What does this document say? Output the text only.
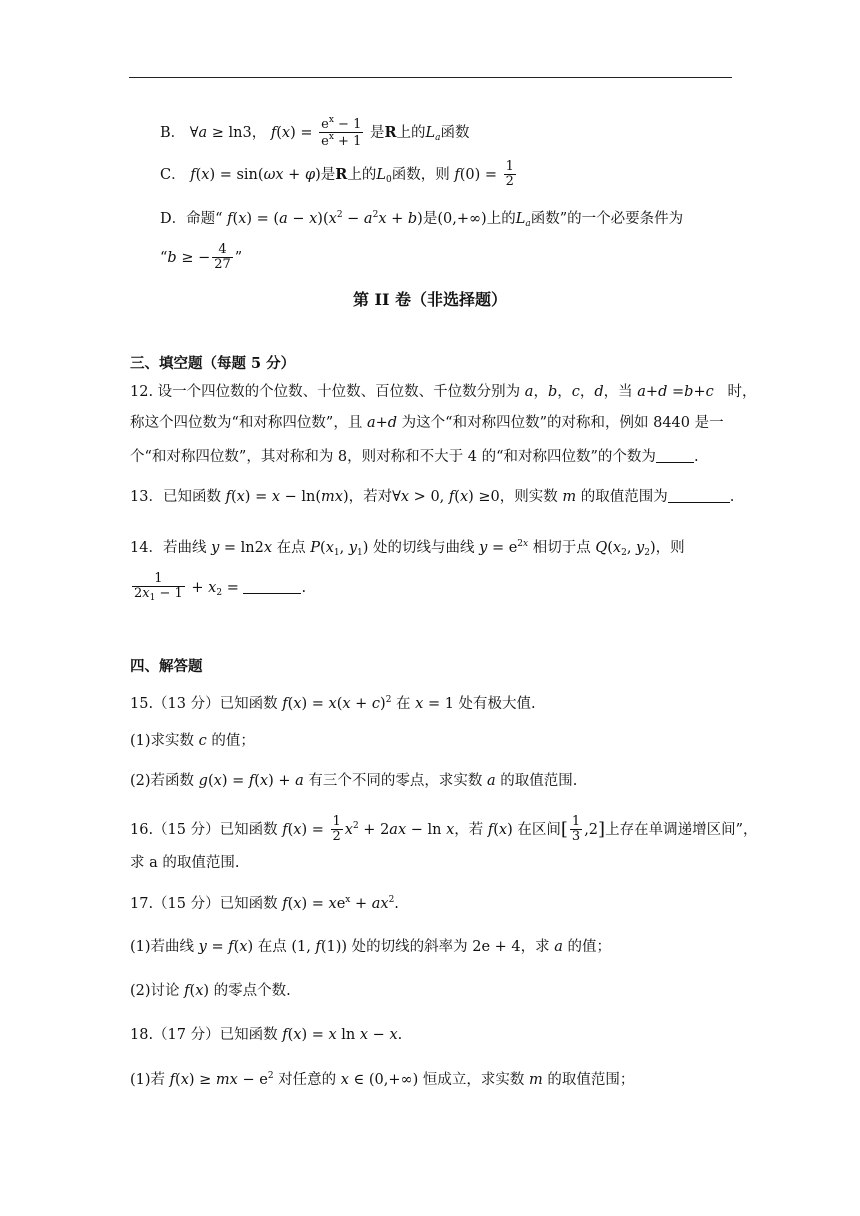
B． ∀a ≥ ln3， $f(x) = \frac{e^x - 1}{e^x + 1}$ 是R上的$L_a$函数
C． f(x) = sin(ωx + φ)是R上的$L_0$函数，则 $f(0) = \frac{1}{2}$
D．命题“ $f(x) = (a - x)(x^2 - a^2x + b)$是(0,+∞)上的$L_a$函数”的一个必要条件为
“b ≥ − $\frac{4}{27}$ ”
第 II 卷（非选择题）
三、填空题（每题 5 分）
12. 设一个四位数的个位数、十位数、百位数、千位数分别为 a，b，c，d，当 a+d =b+c   时，
称这个四位数为“和对称四位数”，且 a+d 为这个“和对称四位数”的对称和，例如 8440 是一
个“和对称四位数”，其对称和为 8，则对称和不大于 4 的“和对称四位数”的个数为	.
13．已知函数 f(x) = x − ln(mx)，若对∀x > 0, f(x) ≥0，则实数 m 的取值范围为	.
14．若曲线 y = ln2x 在点 $P(x_1$, $y_1$) 处的切线与曲线 $y = e^{2x}$ 相切于点 $Q(x_2$, $y_2$)，则
$\frac{1}{2x_1 - 1} + x_2$ =	.
四、解答题
15.（13 分）已知函数 $f(x) = x(x + c)^2$ 在 x = 1 处有极大值.
(1)求实数 c 的值；
(2)若函数 g(x) = f(x) + a 有三个不同的零点，求实数 a 的取值范围.
16.（15 分）已知函数 $f(x) = \frac{1}{2} x^2 + 2ax - \ln x$，若 f(x) 在区间[ $\frac{1}{3} ,2$]上存在单调递增区间”，
求 a 的取值范围.
17.（15 分）已知函数 $f(x) = xe^x + ax^2$.
(1)若曲线 y = f(x) 在点 (1, f(1)) 处的切线的斜率为 2e + 4，求 a 的值；
(2)讨论 f(x) 的零点个数.
18.（17 分）已知函数 f(x) = x ln x − x.
(1)若 f(x) ≥ mx − $e^2$ 对任意的 x ∈ (0,+∞) 恒成立，求实数 m 的取值范围；
